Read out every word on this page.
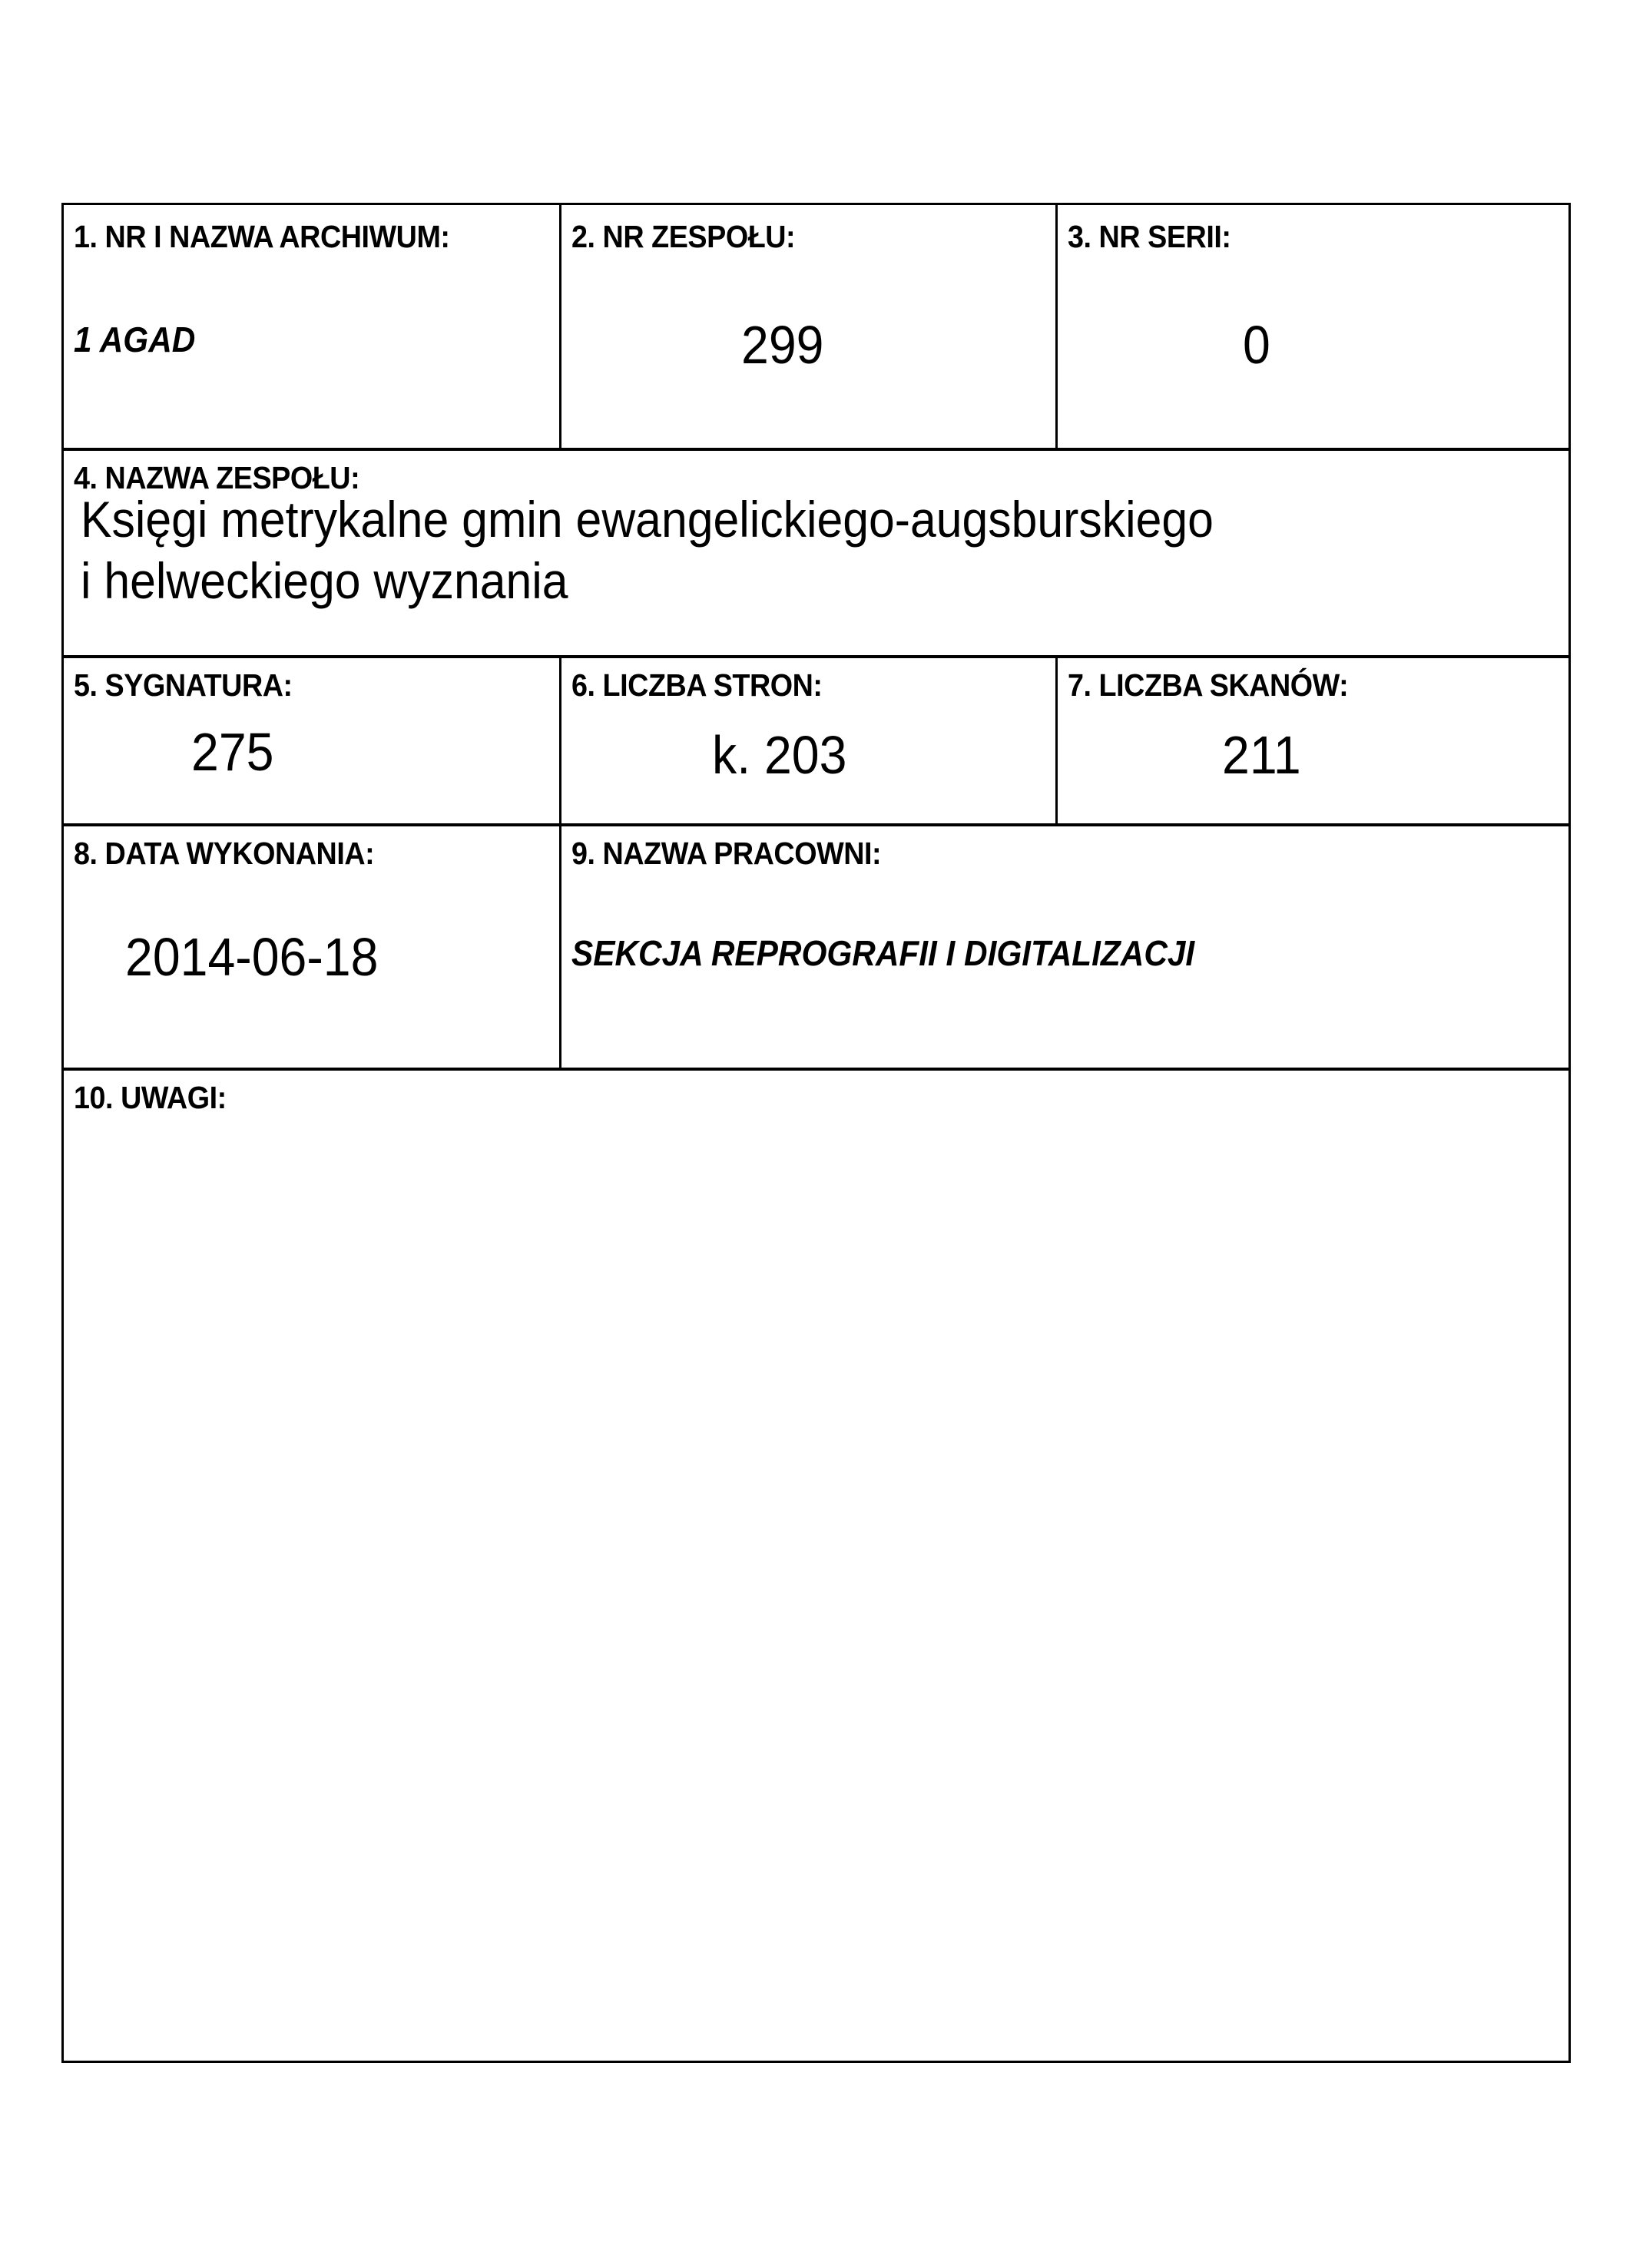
1. NR I NAZWA ARCHIWUM:
1 AGAD
2. NR ZESPOŁU:
299
3. NR SERII:
0
4. NAZWA ZESPOŁU:
Księgi metrykalne gmin ewangelickiego-augsburskiego
i helweckiego wyznania
5. SYGNATURA:
275
6. LICZBA STRON:
k. 203
7. LICZBA SKANÓW:
211
8. DATA WYKONANIA:
2014-06-18
9. NAZWA PRACOWNI:
SEKCJA REPROGRAFII I DIGITALIZACJI
10. UWAGI:
